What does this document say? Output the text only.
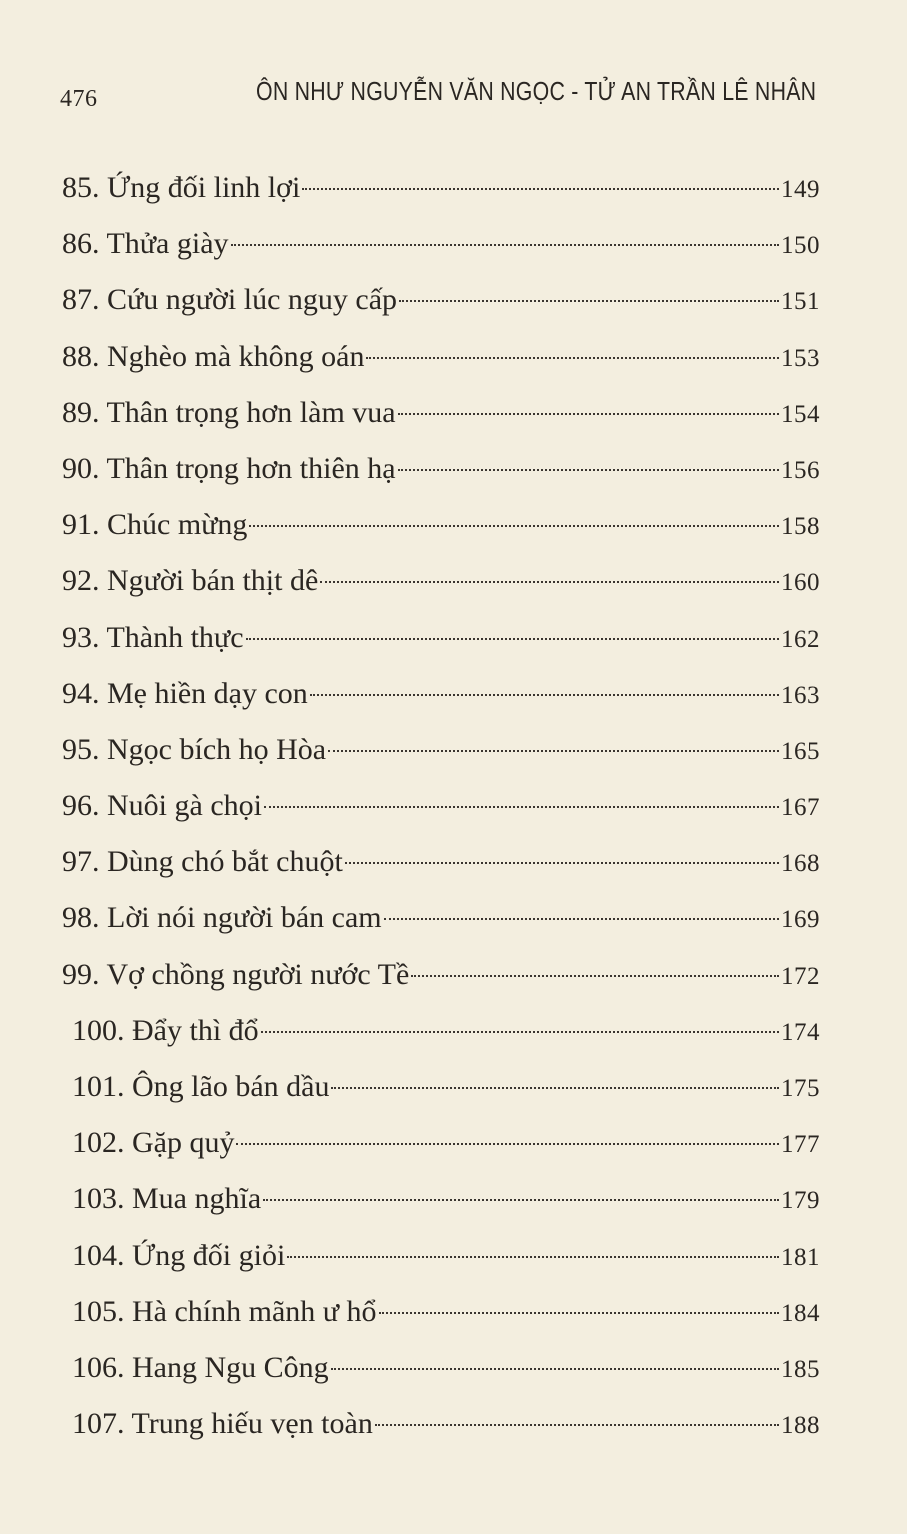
476	ÔN NHƯ NGUYỄN VĂN NGỌC - TỬ AN TRẦN LÊ NHÂN
85. Ứng đối linh lợi	149
86. Thửa giày	150
87. Cứu người lúc nguy cấp	151
88. Nghèo mà không oán	153
89. Thân trọng hơn làm vua	154
90. Thân trọng hơn thiên hạ	156
91. Chúc mừng	158
92. Người bán thịt dê	160
93. Thành thực	162
94. Mẹ hiền dạy con	163
95. Ngọc bích họ Hòa	165
96. Nuôi gà chọi	167
97. Dùng chó bắt chuột	168
98. Lời nói người bán cam	169
99. Vợ chồng người nước Tề	172
100. Đẩy thì đổ	174
101. Ông lão bán dầu	175
102. Gặp quỷ	177
103. Mua nghĩa	179
104. Ứng đối giỏi	181
105. Hà chính mãnh ư hổ	184
106. Hang Ngu Công	185
107. Trung hiếu vẹn toàn	188
